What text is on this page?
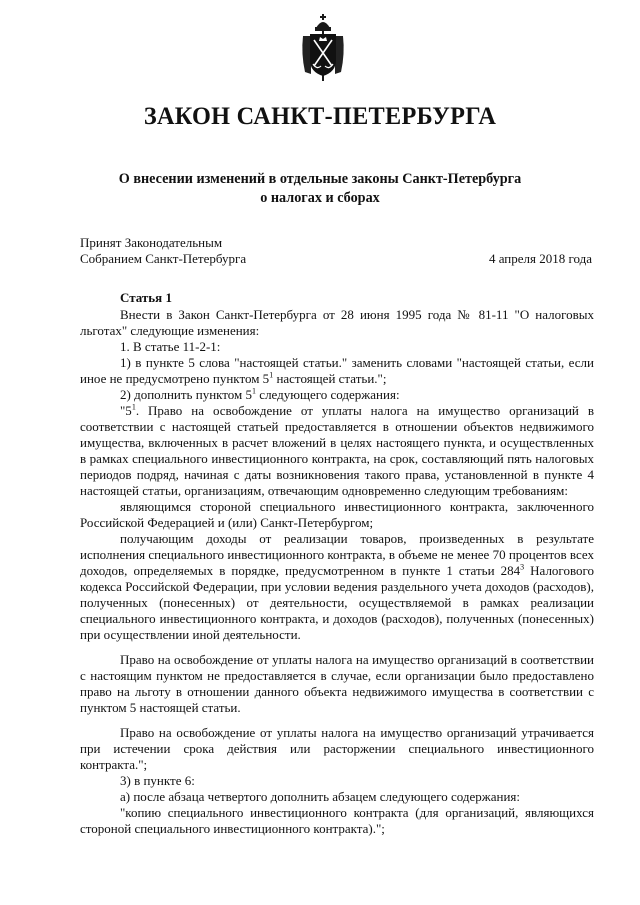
ЗАКОН САНКТ-ПЕТЕРБУРГА
О внесении изменений в отдельные законы Санкт-Петербурга
о налогах и сборах
Принят Законодательным
Собранием Санкт-Петербурга	4 апреля 2018 года

Статья 1

Внести в Закон Санкт-Петербурга от 28 июня 1995 года № 81-11 "О налоговых льготах" следующие изменения:

1. В статье 11-2-1:

1) в пункте 5 слова "настоящей статьи." заменить словами "настоящей статьи, если иное не предусмотрено пунктом $5^1$ настоящей статьи.";

2) дополнить пунктом $5^1$ следующего содержания:

"$5^1$. Право на освобождение от уплаты налога на имущество организаций в соответствии с настоящей статьей предоставляется в отношении объектов недвижимого имущества, включенных в расчет вложений в целях настоящего пункта, и осуществленных в рамках специального инвестиционного контракта, на срок, составляющий пять налоговых периодов подряд, начиная с даты возникновения такого права, установленной в пункте 4 настоящей статьи, организациям, отвечающим одновременно следующим требованиям:

являющимся стороной специального инвестиционного контракта, заключенного Российской Федерацией и (или) Санкт-Петербургом;

получающим доходы от реализации товаров, произведенных в результате исполнения специального инвестиционного контракта, в объеме не менее 70 процентов всех доходов, определяемых в порядке, предусмотренном в пункте 1 статьи $284^3$ Налогового кодекса Российской Федерации, при условии ведения раздельного учета доходов (расходов), полученных (понесенных) от деятельности, осуществляемой в рамках реализации специального инвестиционного контракта, и доходов (расходов), полученных (понесенных) при осуществлении иной деятельности.

Право на освобождение от уплаты налога на имущество организаций в соответствии с настоящим пунктом не предоставляется в случае, если организации было предоставлено право на льготу в отношении данного объекта недвижимого имущества в соответствии с пунктом 5 настоящей статьи.

Право на освобождение от уплаты налога на имущество организаций утрачивается при истечении срока действия или расторжении специального инвестиционного контракта.";

3) в пункте 6:

а) после абзаца четвертого дополнить абзацем следующего содержания:

"копию специального инвестиционного контракта (для организаций, являющихся стороной специального инвестиционного контракта).";
